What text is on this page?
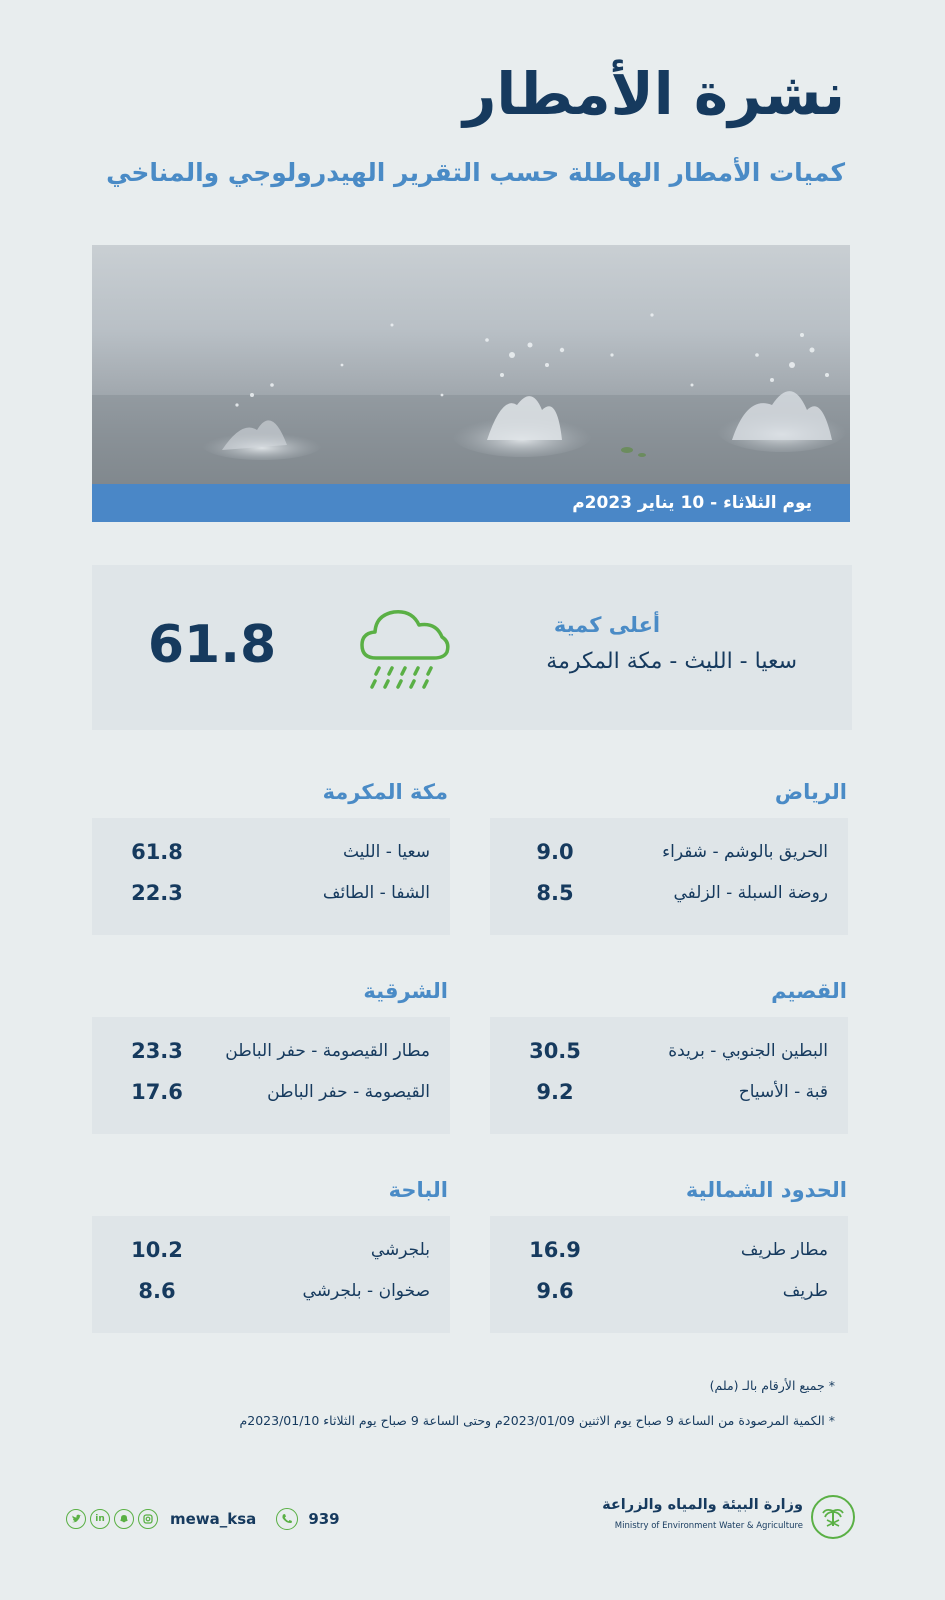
نشرة الأمطار
كميات الأمطار الهاطلة حسب التقرير الهيدرولوجي والمناخي
يوم الثلاثاء - 10 يناير 2023م
أعلى كمية
سعيا - الليث - مكة المكرمة
61.8
الرياض
الحريق بالوشم - شقراء
9.0
روضة السبلة - الزلفي
8.5
مكة المكرمة
سعيا - الليث
61.8
الشفا - الطائف
22.3
القصيم
البطين الجنوبي - بريدة
30.5
قبة - الأسياح
9.2
الشرقية
مطار القيصومة - حفر الباطن
23.3
القيصومة - حفر الباطن
17.6
الحدود الشمالية
مطار طريف
16.9
طريف
9.6
الباحة
بلجرشي
10.2
صخوان - بلجرشي
8.6
* جميع الأرقام بالـ (ملم)
* الكمية المرصودة من الساعة 9 صباح يوم الاثنين 2023/01/09م وحتى الساعة 9 صباح يوم الثلاثاء 2023/01/10م
وزارة البيئة والمياه والزراعة
Ministry of Environment Water & Agriculture
in	mewa_ksa	939
